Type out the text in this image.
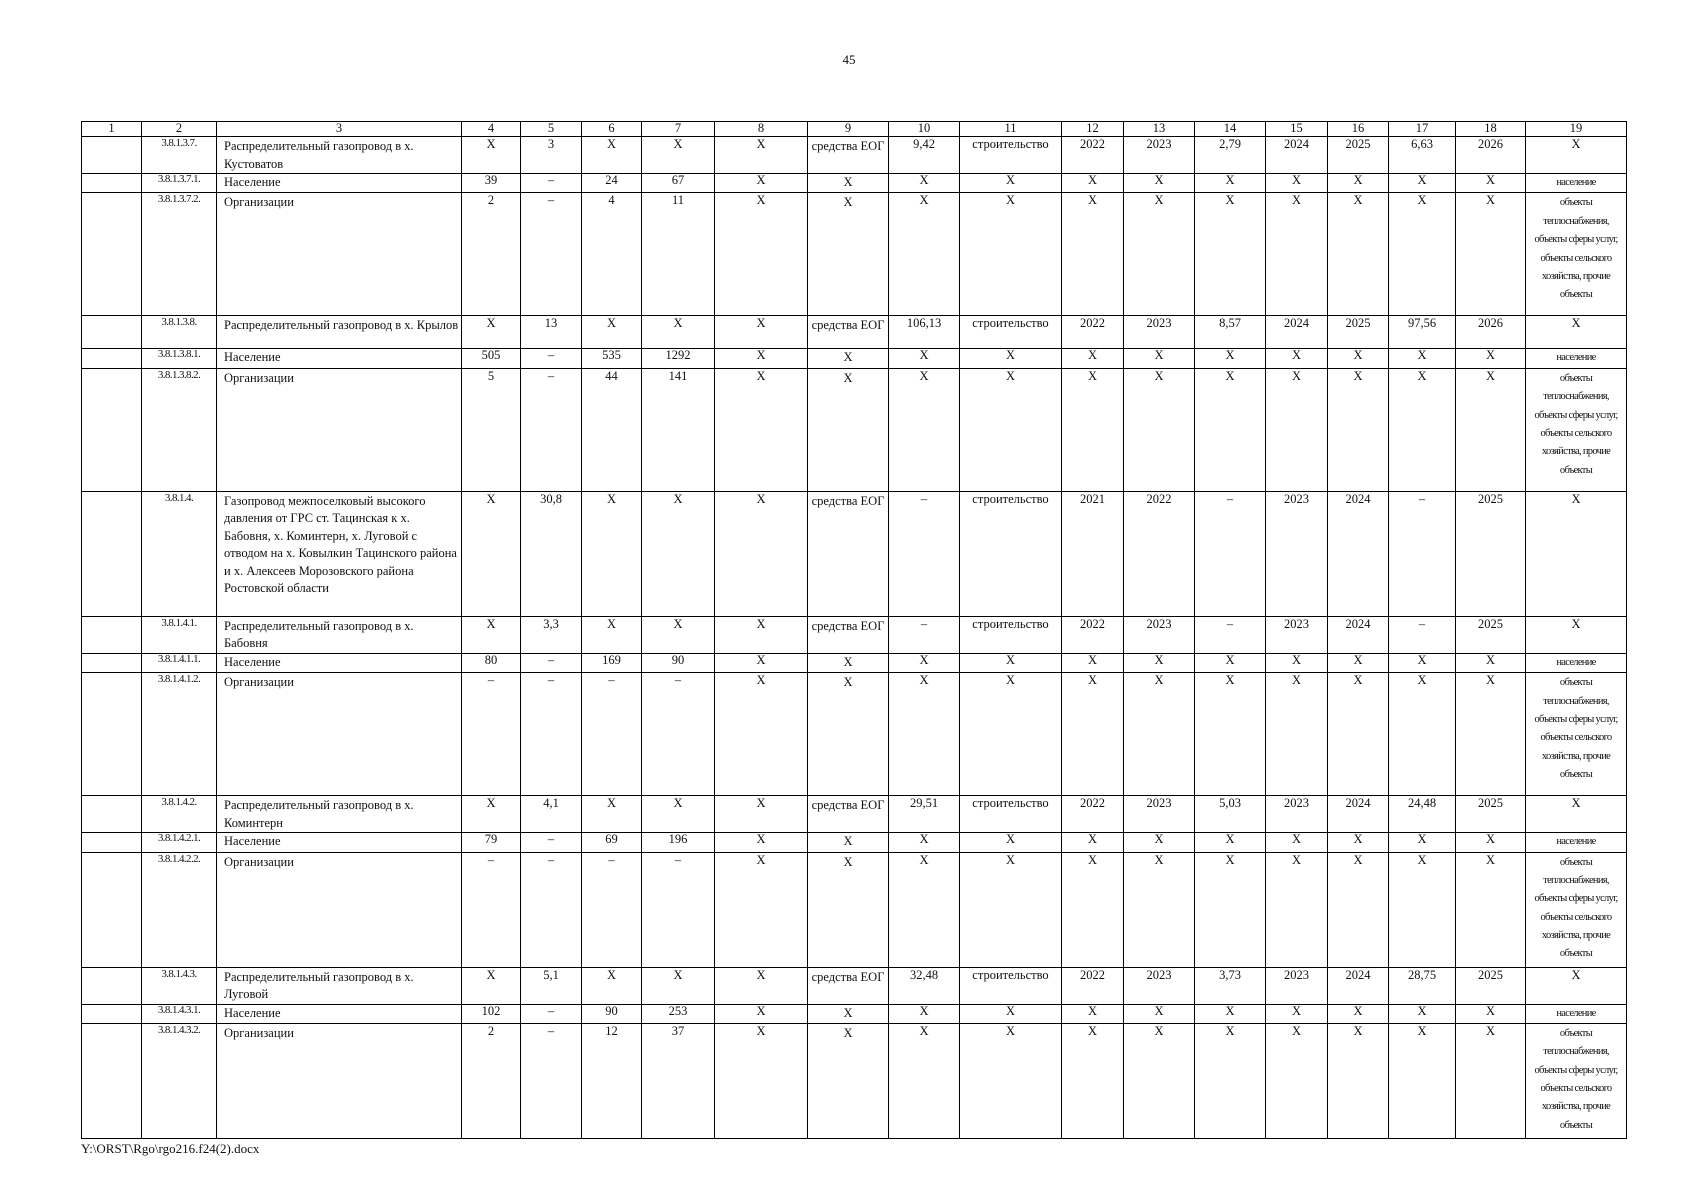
45
1	2	3	4	5	6	7	8	9	10	11	12	13	14	15	16	17	18	19
	3.8.1.3.7.	Распределительный газопровод в х. Кустоватов	Х	3	Х	Х	Х	средства ЕОГ	9,42	строительство	2022	2023	2,79	2024	2025	6,63	2026	Х
	3.8.1.3.7.1.	Население	39	–	24	67	Х	Х	Х	Х	Х	Х	Х	Х	Х	Х	Х	население
	3.8.1.3.7.2.	Организации	2	–	4	11	Х	Х	Х	Х	Х	Х	Х	Х	Х	Х	Х	объекты теплоснабжения, объекты сферы услуг, объекты сельского хозяйства, прочие объекты
	3.8.1.3.8.	Распределительный газопровод в х. Крылов	Х	13	Х	Х	Х	средства ЕОГ	106,13	строительство	2022	2023	8,57	2024	2025	97,56	2026	Х
	3.8.1.3.8.1.	Население	505	–	535	1292	Х	Х	Х	Х	Х	Х	Х	Х	Х	Х	Х	население
	3.8.1.3.8.2.	Организации	5	–	44	141	Х	Х	Х	Х	Х	Х	Х	Х	Х	Х	Х	объекты теплоснабжения, объекты сферы услуг, объекты сельского хозяйства, прочие объекты
	3.8.1.4.	Газопровод межпоселковый высокого давления от ГРС ст. Тацинская к х. Бабовня, х. Коминтерн, х. Луговой с отводом на х. Ковылкин Тацинского района и х. Алексеев Морозовского района Ростовской области	Х	30,8	Х	Х	Х	средства ЕОГ	–	строительство	2021	2022	–	2023	2024	–	2025	Х
	3.8.1.4.1.	Распределительный газопровод в х. Бабовня	Х	3,3	Х	Х	Х	средства ЕОГ	–	строительство	2022	2023	–	2023	2024	–	2025	Х
	3.8.1.4.1.1.	Население	80	–	169	90	Х	Х	Х	Х	Х	Х	Х	Х	Х	Х	Х	население
	3.8.1.4.1.2.	Организации	–	–	–	–	Х	Х	Х	Х	Х	Х	Х	Х	Х	Х	Х	объекты теплоснабжения, объекты сферы услуг, объекты сельского хозяйства, прочие объекты
	3.8.1.4.2.	Распределительный газопровод в х. Коминтерн	Х	4,1	Х	Х	Х	средства ЕОГ	29,51	строительство	2022	2023	5,03	2023	2024	24,48	2025	Х
	3.8.1.4.2.1.	Население	79	–	69	196	Х	Х	Х	Х	Х	Х	Х	Х	Х	Х	Х	население
	3.8.1.4.2.2.	Организации	–	–	–	–	Х	Х	Х	Х	Х	Х	Х	Х	Х	Х	Х	объекты теплоснабжения, объекты сферы услуг, объекты сельского хозяйства, прочие объекты
	3.8.1.4.3.	Распределительный газопровод в х. Луговой	Х	5,1	Х	Х	Х	средства ЕОГ	32,48	строительство	2022	2023	3,73	2023	2024	28,75	2025	Х
	3.8.1.4.3.1.	Население	102	–	90	253	Х	Х	Х	Х	Х	Х	Х	Х	Х	Х	Х	население
	3.8.1.4.3.2.	Организации	2	–	12	37	Х	Х	Х	Х	Х	Х	Х	Х	Х	Х	Х	объекты теплоснабжения, объекты сферы услуг, объекты сельского хозяйства, прочие объекты
Y:\ORST\Rgo\rgo216.f24(2).docx
